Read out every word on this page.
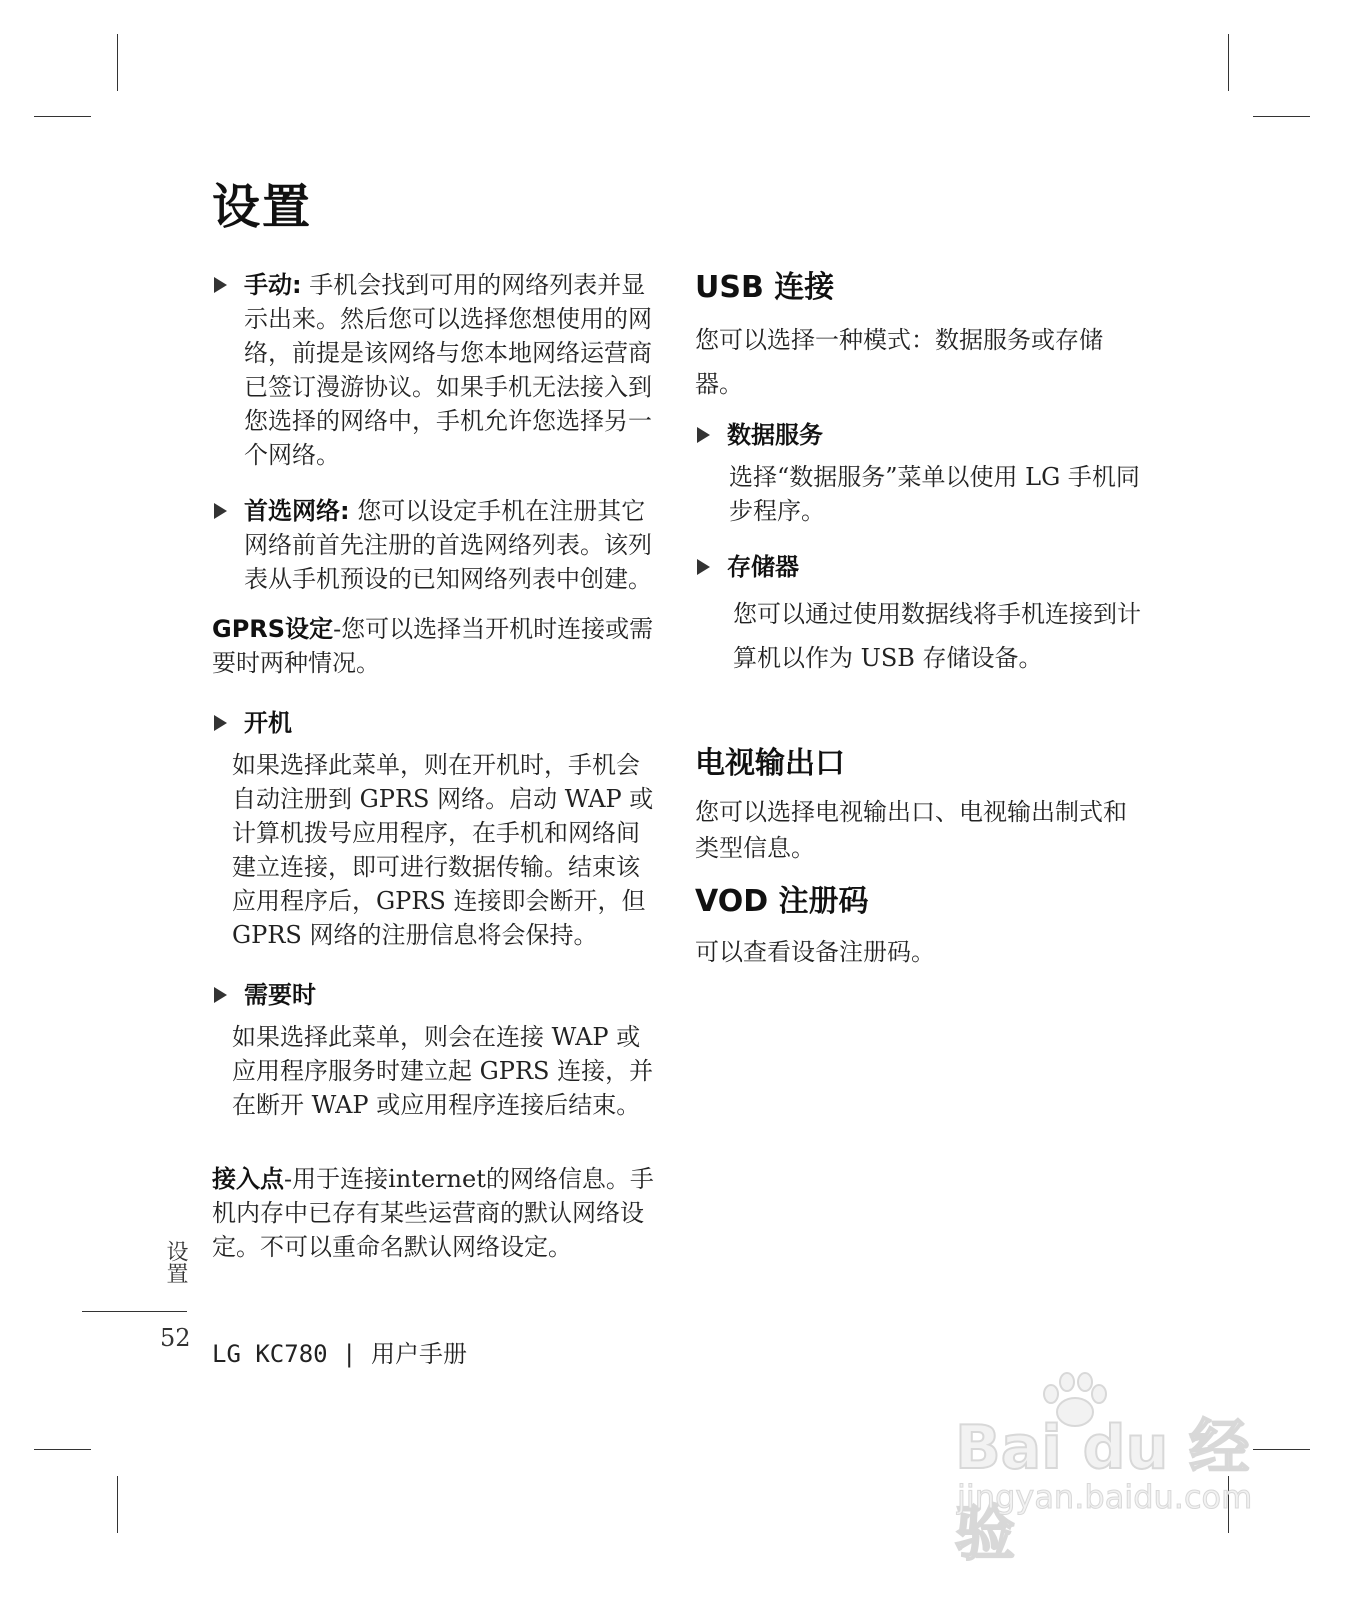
设置
手动: 手机会找到可用的网络列表并显示出来。然后您可以选择您想使用的网络，前提是该网络与您本地网络运营商已签订漫游协议。如果手机无法接入到您选择的网络中，手机允许您选择另一个网络。
首选网络: 您可以设定手机在注册其它网络前首先注册的首选网络列表。该列表从手机预设的已知网络列表中创建。
GPRS设定-您可以选择当开机时连接或需要时两种情况。
开机
如果选择此菜单，则在开机时，手机会自动注册到 GPRS 网络。启动 WAP 或计算机拨号应用程序，在手机和网络间建立连接，即可进行数据传输。结束该应用程序后，GPRS 连接即会断开，但 GPRS 网络的注册信息将会保持。
需要时
如果选择此菜单，则会在连接 WAP 或应用程序服务时建立起 GPRS 连接，并在断开 WAP 或应用程序连接后结束。
接入点-用于连接internet的网络信息。手机内存中已存有某些运营商的默认网络设定。不可以重命名默认网络设定。
USB 连接
您可以选择一种模式：数据服务或存储器。
数据服务
选择“数据服务”菜单以使用 LG 手机同步程序。
存储器
您可以通过使用数据线将手机连接到计算机以作为 USB 存储设备。
电视输出口
您可以选择电视输出口、电视输出制式和类型信息。
VOD 注册码
可以查看设备注册码。
设置
52
LG KC780 | 用户手册
Bai du 经验
jingyan.baidu.com
